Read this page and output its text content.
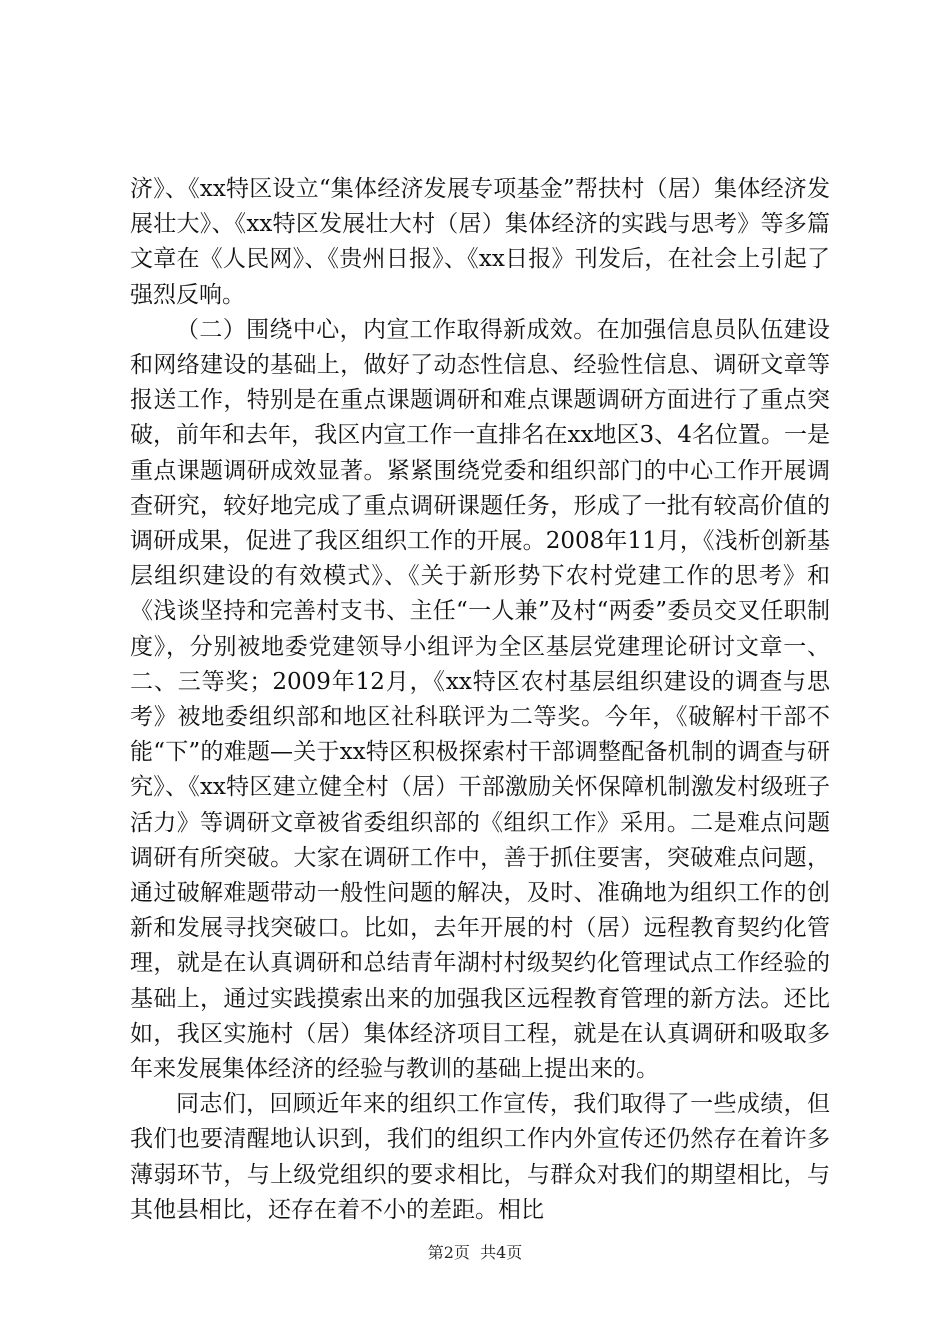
济》、《xx特区设立“集体经济发展专项基金”帮扶村（居）集体经济发展壮大》、《xx特区发展壮大村（居）集体经济的实践与思考》等多篇文章在《人民网》、《贵州日报》、《xx日报》刊发后，在社会上引起了强烈反响。

（二）围绕中心，内宣工作取得新成效。在加强信息员队伍建设和网络建设的基础上，做好了动态性信息、经验性信息、调研文章等报送工作，特别是在重点课题调研和难点课题调研方面进行了重点突破，前年和去年，我区内宣工作一直排名在xx地区3、4名位置。一是重点课题调研成效显著。紧紧围绕党委和组织部门的中心工作开展调查研究，较好地完成了重点调研课题任务，形成了一批有较高价值的调研成果，促进了我区组织工作的开展。2008年11月，《浅析创新基层组织建设的有效模式》、《关于新形势下农村党建工作的思考》和《浅谈坚持和完善村支书、主任“一人兼”及村“两委”委员交叉任职制度》，分别被地委党建领导小组评为全区基层党建理论研讨文章一、二、三等奖；2009年12月，《xx特区农村基层组织建设的调查与思考》被地委组织部和地区社科联评为二等奖。今年，《破解村干部不能“下”的难题—关于xx特区积极探索村干部调整配备机制的调查与研究》、《xx特区建立健全村（居）干部激励关怀保障机制激发村级班子活力》等调研文章被省委组织部的《组织工作》采用。二是难点问题调研有所突破。大家在调研工作中，善于抓住要害，突破难点问题，通过破解难题带动一般性问题的解决，及时、准确地为组织工作的创新和发展寻找突破口。比如，去年开展的村（居）远程教育契约化管理，就是在认真调研和总结青年湖村村级契约化管理试点工作经验的基础上，通过实践摸索出来的加强我区远程教育管理的新方法。还比如，我区实施村（居）集体经济项目工程，就是在认真调研和吸取多年来发展集体经济的经验与教训的基础上提出来的。

同志们，回顾近年来的组织工作宣传，我们取得了一些成绩，但我们也要清醒地认识到，我们的组织工作内外宣传还仍然存在着许多薄弱环节，与上级党组织的要求相比，与群众对我们的期望相比，与其他县相比，还存在着不小的差距。相比

第2页  共4页
